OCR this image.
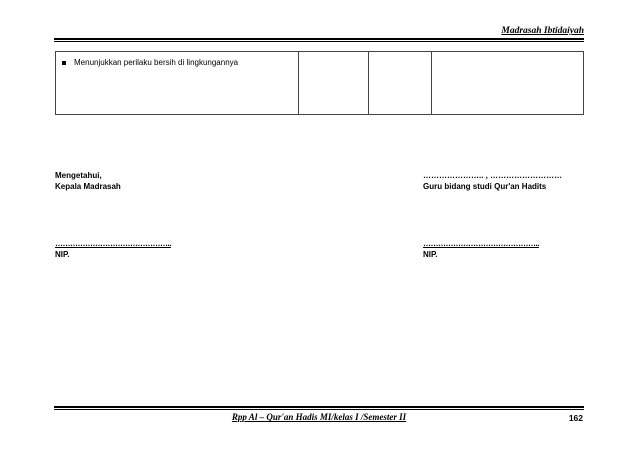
Madrasah Ibtidaiyah
Menunjukkan perilaku bersih di lingkungannya

Mengetahui,
Kepala Madrasah
………………………………………..
NIP.
………………….. , ………………………
Guru bidang studi Qur'an Hadits
………………………………………..
NIP.
Rpp Al – Qur'an Hadis MI/kelas I /Semester II	162
